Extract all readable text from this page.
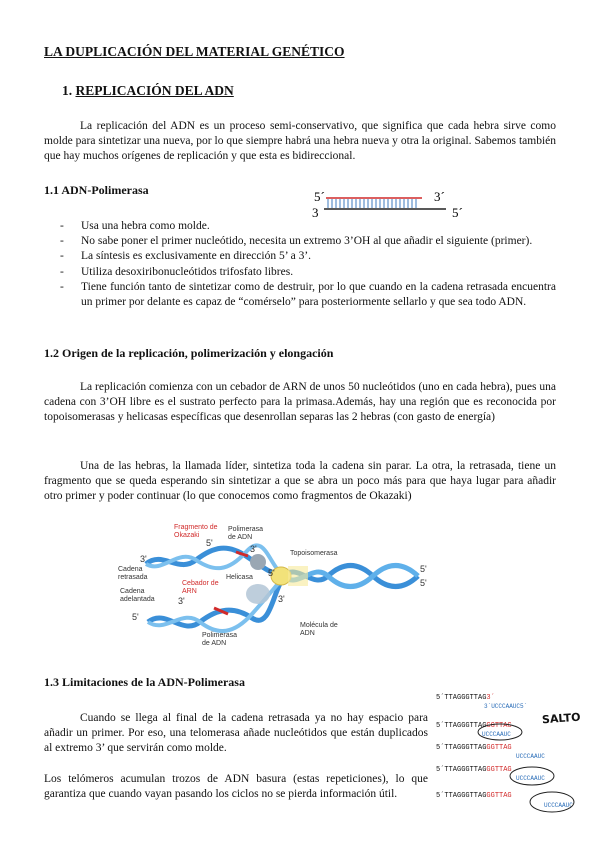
LA DUPLICACIÓN DEL MATERIAL GENÉTICO
1. REPLICACIÓN DEL ADN
La replicación del ADN es un proceso semi-conservativo, que significa que cada hebra sirve como molde para sintetizar una nueva, por lo que siempre habrá una hebra nueva y otra la original. Sabemos también que hay muchos orígenes de replicación y que esta es bidireccional.
1.1 ADN-Polimerasa	5´	3´
3	5´
- Usa una hebra como molde.
- No sabe poner el primer nucleótido, necesita un extremo 3’OH al que añadir el siguiente (primer).
- La síntesis es exclusivamente en dirección 5’ a 3’.
- Utiliza desoxiribonucleótidos trifosfato libres.
- Tiene función tanto de sintetizar como de destruir, por lo que cuando en la cadena retrasada encuentra un primer por delante es capaz de “comérselo” para posteriormente sellarlo y que sea todo ADN.
1.2 Origen de la replicación, polimerización y elongación
La replicación comienza con un cebador de ARN de unos 50 nucleótidos (uno en cada hebra), pues una cadena con 3’OH libre es el sustrato perfecto para la primasa.Además, hay una región que es reconocida por topoisomerasas y helicasas específicas que desenrollan separas las 2 hebras (con gasto de energía)
Una de las hebras, la llamada líder, sintetiza toda la cadena sin parar. La otra, la retrasada, tiene un fragmento que se queda esperando sin sintetizar a que se abra un poco más para que haya lugar para añadir otro primer y poder continuar (lo que conocemos como fragmentos de Okazaki)
Fragmento de Okazaki
Polimerasa de ADN
Topoisomerasa
Cadena retrasada
Cadena adelantada
Cebador de ARN
Helicasa
Polimerasa de ADN
Molécula de ADN
3'
5'
3'
5'
3'
5'
3'
5'
5'
1.3 Limitaciones de la ADN-Polimerasa
Cuando se llega al final de la cadena retrasada ya no hay espacio para añadir un primer. Por eso, una telomerasa añade nucleótidos que están duplicados al extremo 3’ que servirán como molde.
Los telómeros acumulan trozos de ADN basura (estas repeticiones), lo que garantiza que cuando vayan pasando los ciclos no se pierda información útil.
5´TTAGGGTTAG3´
3´UCCCAAUC5´
5´TTAGGGTTAGGGTTAG
UCCCAAUC
SALTO
5´TTAGGGTTAGGGTTAG
UCCCAAUC
5´TTAGGGTTAGGGTTAG
UCCCAAUC
5´TTAGGGTTAGGGTTAG
UCCCAAUC
